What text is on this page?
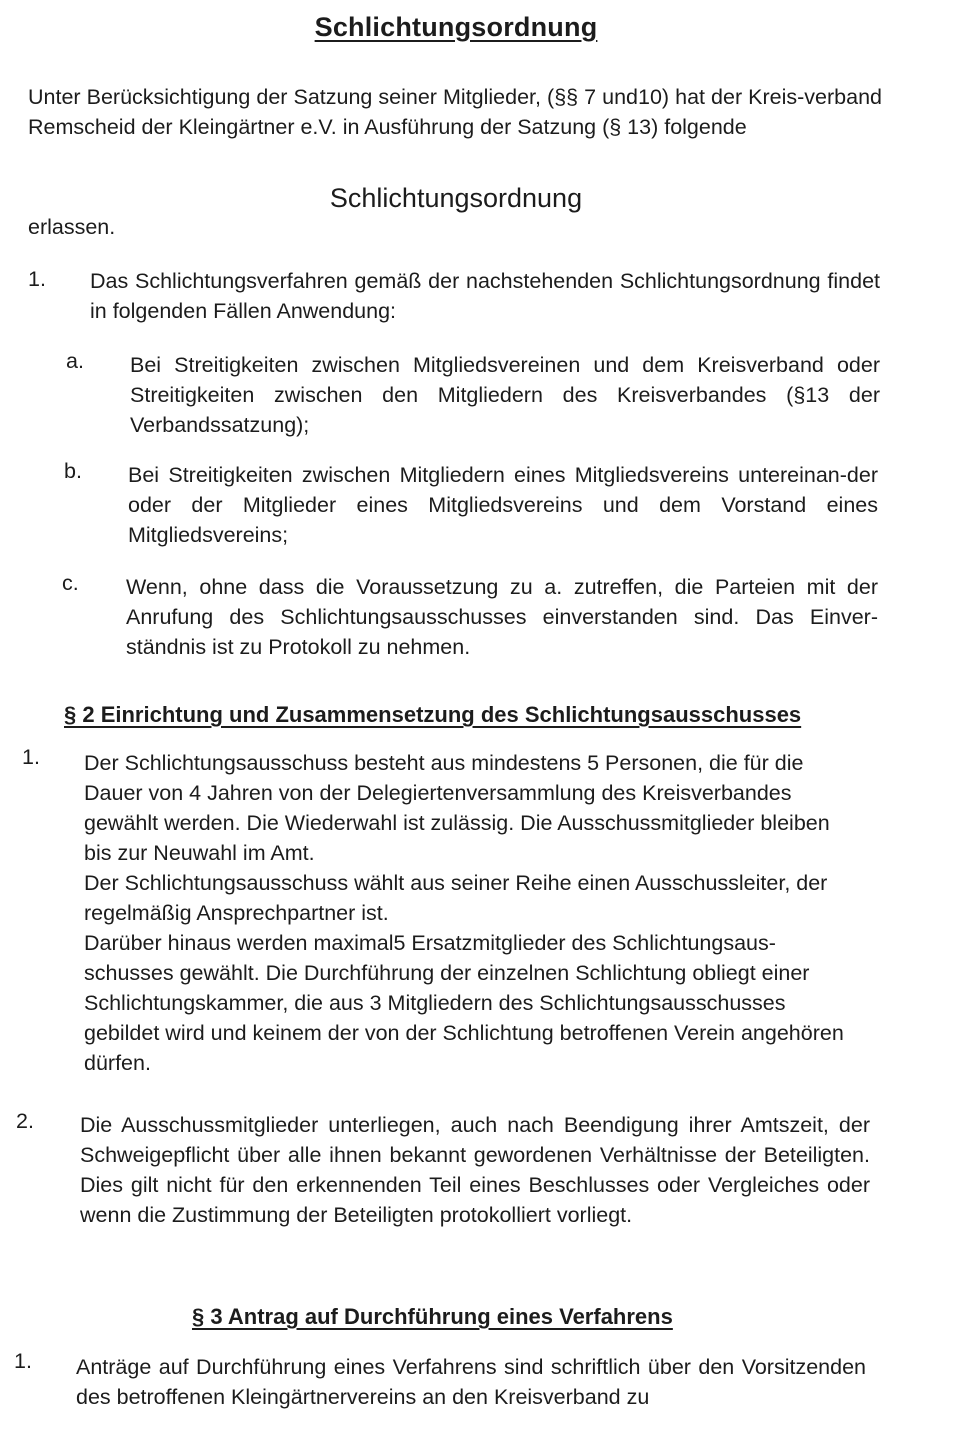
Schlichtungsordnung
Unter Berücksichtigung der Satzung seiner Mitglieder, (§§ 7 und10) hat der Kreis-verband Remscheid der Kleingärtner e.V. in Ausführung der Satzung (§ 13) folgende
Schlichtungsordnung
erlassen.
1. Das Schlichtungsverfahren gemäß der nachstehenden Schlichtungsordnung findet in folgenden Fällen Anwendung:
a. Bei Streitigkeiten zwischen Mitgliedsvereinen und dem Kreisverband oder Streitigkeiten zwischen den Mitgliedern des Kreisverbandes (§13 der Verbandssatzung);
b. Bei Streitigkeiten zwischen Mitgliedern eines Mitgliedsvereins untereinan-der oder der Mitglieder eines Mitgliedsvereins und dem Vorstand eines Mitgliedsvereins;
c. Wenn, ohne dass die Voraussetzung zu a. zutreffen, die Parteien mit der Anrufung des Schlichtungsausschusses einverstanden sind. Das Einver-ständnis ist zu Protokoll zu nehmen.
§ 2 Einrichtung und Zusammensetzung des Schlichtungsausschusses
1. Der Schlichtungsausschuss besteht aus mindestens 5 Personen, die für die Dauer von 4 Jahren von der Delegiertenversammlung des Kreisverbandes gewählt werden. Die Wiederwahl ist zulässig. Die Ausschussmitglieder bleiben bis zur Neuwahl im Amt.
Der Schlichtungsausschuss wählt aus seiner Reihe einen Ausschussleiter, der regelmäßig Ansprechpartner ist.
Darüber hinaus werden maximal5 Ersatzmitglieder des Schlichtungsaus-schusses gewählt. Die Durchführung der einzelnen Schlichtung obliegt einer Schlichtungskammer, die aus 3 Mitgliedern des Schlichtungsausschusses gebildet wird und keinem der von der Schlichtung betroffenen Verein angehören dürfen.
2. Die Ausschussmitglieder unterliegen, auch nach Beendigung ihrer Amtszeit, der Schweigepflicht über alle ihnen bekannt gewordenen Verhältnisse der Beteiligten. Dies gilt nicht für den erkennenden Teil eines Beschlusses oder Vergleiches oder wenn die Zustimmung der Beteiligten protokolliert vorliegt.
§ 3 Antrag auf Durchführung eines Verfahrens
1. Anträge auf Durchführung eines Verfahrens sind schriftlich über den Vorsitzenden des betroffenen Kleingärtnervereins an den Kreisverband zu
